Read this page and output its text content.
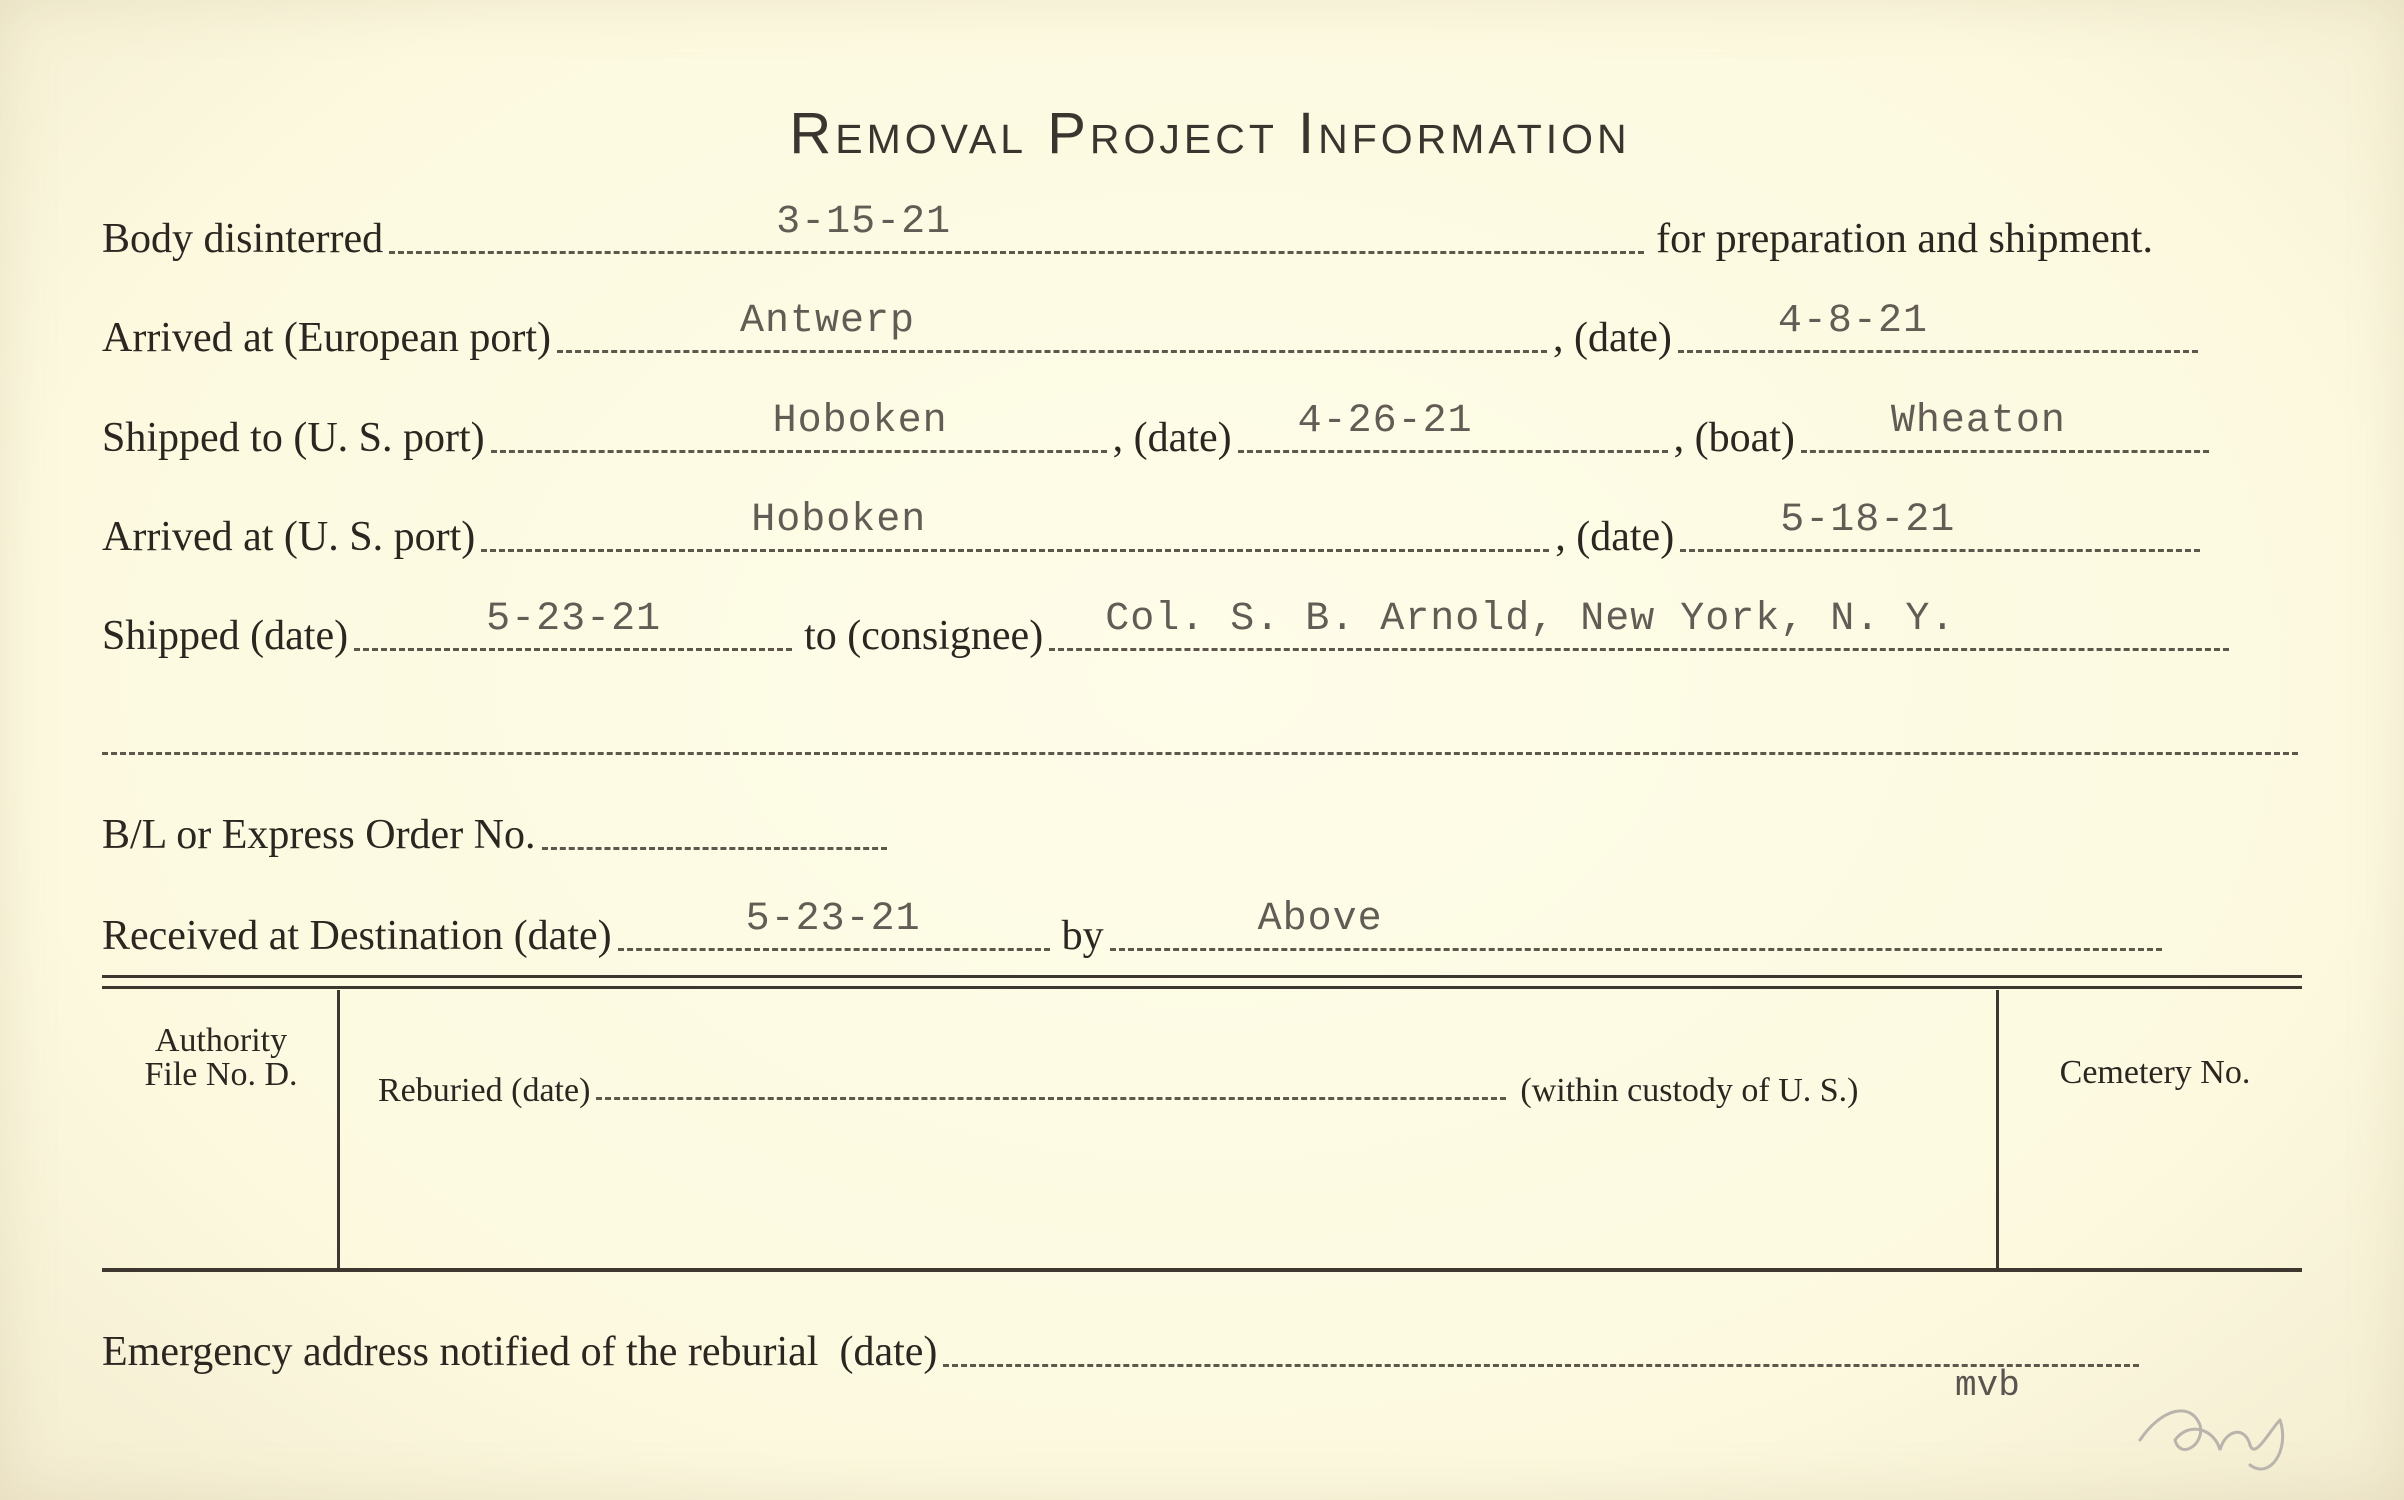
Removal Project Information
Body disinterred	3-15-21	for preparation and shipment.
Arrived at (European port)	Antwerp	, (date)	4-8-21
Shipped to (U. S. port)	Hoboken	, (date) 4-26-21	, (boat) Wheaton
Arrived at (U. S. port)	Hoboken	, (date)	5-18-21
Shipped (date)	5-23-21	to (consignee) Col. S. B. Arnold, New York, N. Y.
B/L or Express Order No.
Received at Destination (date)	5-23-21	by	Above
Authority
File No. D.	Reburied (date)	(within custody of U. S.)	Cemetery No.
Emergency address notified of the reburial  (date)
mvb
